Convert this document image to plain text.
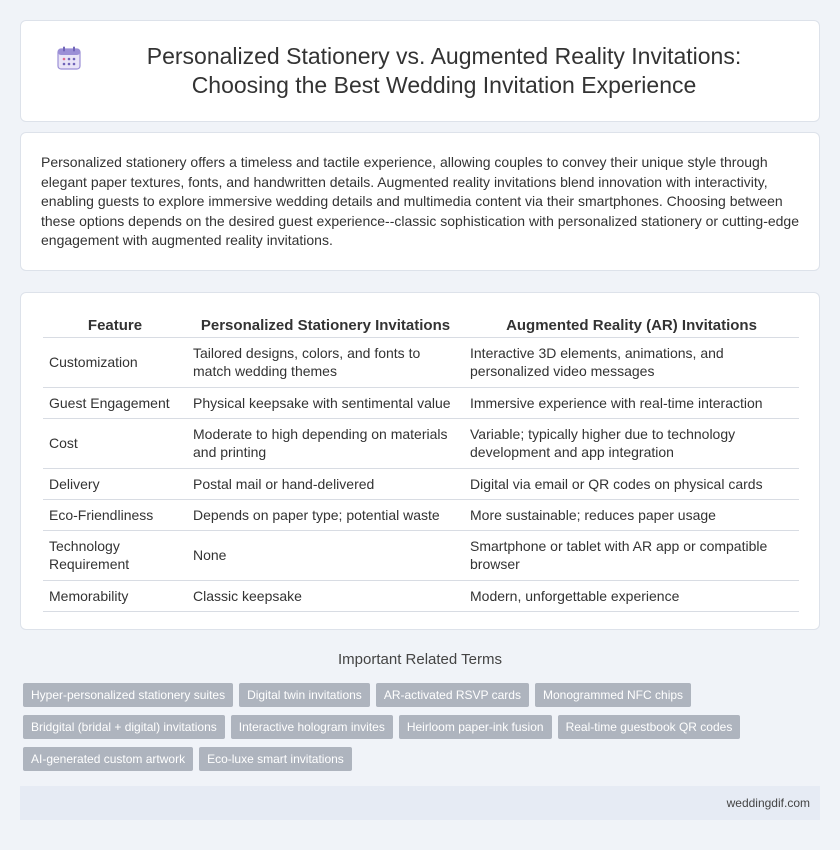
Personalized Stationery vs. Augmented Reality Invitations: Choosing the Best Wedding Invitation Experience

Personalized stationery offers a timeless and tactile experience, allowing couples to convey their unique style through elegant paper textures, fonts, and handwritten details. Augmented reality invitations blend innovation with interactivity, enabling guests to explore immersive wedding details and multimedia content via their smartphones. Choosing between these options depends on the desired guest experience--classic sophistication with personalized stationery or cutting-edge engagement with augmented reality invitations.

Feature	Personalized Stationery Invitations	Augmented Reality (AR) Invitations
Customization	Tailored designs, colors, and fonts to match wedding themes	Interactive 3D elements, animations, and personalized video messages
Guest Engagement	Physical keepsake with sentimental value	Immersive experience with real-time interaction
Cost	Moderate to high depending on materials and printing	Variable; typically higher due to technology development and app integration
Delivery	Postal mail or hand-delivered	Digital via email or QR codes on physical cards
Eco-Friendliness	Depends on paper type; potential waste	More sustainable; reduces paper usage
Technology Requirement	None	Smartphone or tablet with AR app or compatible browser
Memorability	Classic keepsake	Modern, unforgettable experience
Important Related Terms
Hyper-personalized stationery suites	Digital twin invitations	AR-activated RSVP cards	Monogrammed NFC chips
Bridgital (bridal + digital) invitations	Interactive hologram invites	Heirloom paper-ink fusion	Real-time guestbook QR codes
AI-generated custom artwork	Eco-luxe smart invitations
weddingdif.com
